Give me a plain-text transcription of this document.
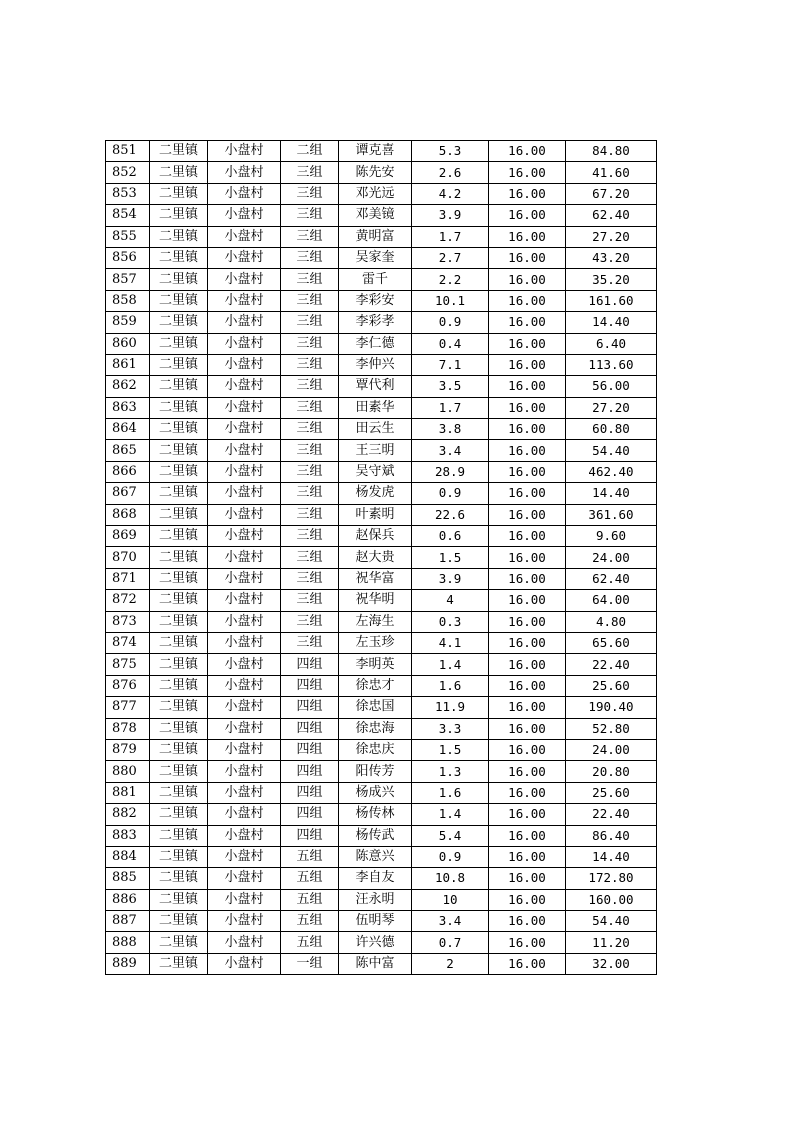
851	二里镇	小盘村	二组	谭克喜	5.3	16.00	84.80
852	二里镇	小盘村	三组	陈先安	2.6	16.00	41.60
853	二里镇	小盘村	三组	邓光远	4.2	16.00	67.20
854	二里镇	小盘村	三组	邓美镜	3.9	16.00	62.40
855	二里镇	小盘村	三组	黄明富	1.7	16.00	27.20
856	二里镇	小盘村	三组	吴家奎	2.7	16.00	43.20
857	二里镇	小盘村	三组	雷千	2.2	16.00	35.20
858	二里镇	小盘村	三组	李彩安	10.1	16.00	161.60
859	二里镇	小盘村	三组	李彩孝	0.9	16.00	14.40
860	二里镇	小盘村	三组	李仁德	0.4	16.00	6.40
861	二里镇	小盘村	三组	李仲兴	7.1	16.00	113.60
862	二里镇	小盘村	三组	覃代利	3.5	16.00	56.00
863	二里镇	小盘村	三组	田素华	1.7	16.00	27.20
864	二里镇	小盘村	三组	田云生	3.8	16.00	60.80
865	二里镇	小盘村	三组	王三明	3.4	16.00	54.40
866	二里镇	小盘村	三组	吴守斌	28.9	16.00	462.40
867	二里镇	小盘村	三组	杨发虎	0.9	16.00	14.40
868	二里镇	小盘村	三组	叶素明	22.6	16.00	361.60
869	二里镇	小盘村	三组	赵保兵	0.6	16.00	9.60
870	二里镇	小盘村	三组	赵大贵	1.5	16.00	24.00
871	二里镇	小盘村	三组	祝华富	3.9	16.00	62.40
872	二里镇	小盘村	三组	祝华明	4	16.00	64.00
873	二里镇	小盘村	三组	左海生	0.3	16.00	4.80
874	二里镇	小盘村	三组	左玉珍	4.1	16.00	65.60
875	二里镇	小盘村	四组	李明英	1.4	16.00	22.40
876	二里镇	小盘村	四组	徐忠才	1.6	16.00	25.60
877	二里镇	小盘村	四组	徐忠国	11.9	16.00	190.40
878	二里镇	小盘村	四组	徐忠海	3.3	16.00	52.80
879	二里镇	小盘村	四组	徐忠庆	1.5	16.00	24.00
880	二里镇	小盘村	四组	阳传芳	1.3	16.00	20.80
881	二里镇	小盘村	四组	杨成兴	1.6	16.00	25.60
882	二里镇	小盘村	四组	杨传林	1.4	16.00	22.40
883	二里镇	小盘村	四组	杨传武	5.4	16.00	86.40
884	二里镇	小盘村	五组	陈意兴	0.9	16.00	14.40
885	二里镇	小盘村	五组	李自友	10.8	16.00	172.80
886	二里镇	小盘村	五组	汪永明	10	16.00	160.00
887	二里镇	小盘村	五组	伍明琴	3.4	16.00	54.40
888	二里镇	小盘村	五组	许兴德	0.7	16.00	11.20
889	二里镇	小盘村	一组	陈中富	2	16.00	32.00
